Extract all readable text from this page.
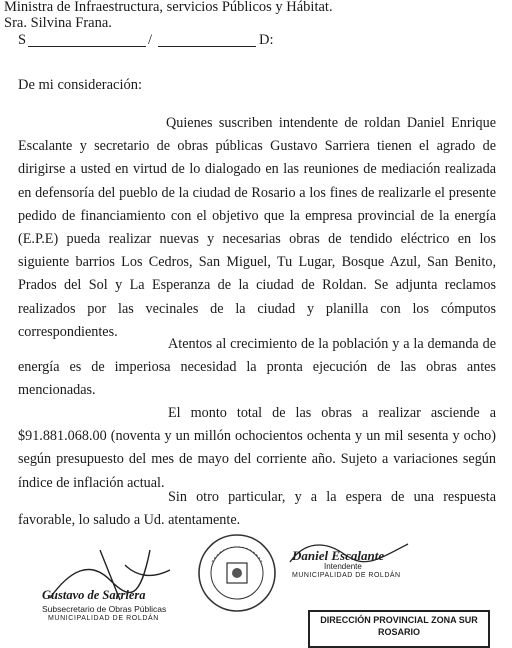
Ministra de Infraestructura, servicios Públicos y Hábitat.
Sra. Silvina Frana.
S	/	D:
De mi consideración:
Quienes suscriben intendente de roldan Daniel Enrique Escalante y secretario de obras públicas Gustavo Sarriera tienen el agrado de dirigirse a usted en virtud de lo dialogado en las reuniones de mediación realizada en defensoría del pueblo de la ciudad de Rosario a los fines de realizarle el presente pedido de financiamiento con el objetivo que la empresa provincial de la energía (E.P.E) pueda realizar nuevas y necesarias obras de tendido eléctrico en los siguiente barrios Los Cedros, San Miguel, Tu Lugar, Bosque Azul, San Benito, Prados del Sol y La Esperanza de la ciudad de Roldan. Se adjunta reclamos realizados por las vecinales de la ciudad y planilla con los cómputos correspondientes.
Atentos al crecimiento de la población y a la demanda de energía es de imperiosa necesidad la pronta ejecución de las obras antes mencionadas.
El monto total de las obras a realizar asciende a $91.881.068.00 (noventa y un millón ochocientos ochenta y un mil sesenta y ocho) según presupuesto del mes de mayo del corriente año. Sujeto a variaciones según índice de inflación actual.
Sin otro particular, y a la espera de una respuesta favorable, lo saludo a Ud. atentamente.
Gustavo de Sarriera
Subsecretario de Obras Públicas
MUNICIPALIDAD DE ROLDÁN
Daniel Escalante
Intendente
MUNICIPALIDAD DE ROLDÁN
DIRECCIÓN PROVINCIAL ZONA SUR
ROSARIO
